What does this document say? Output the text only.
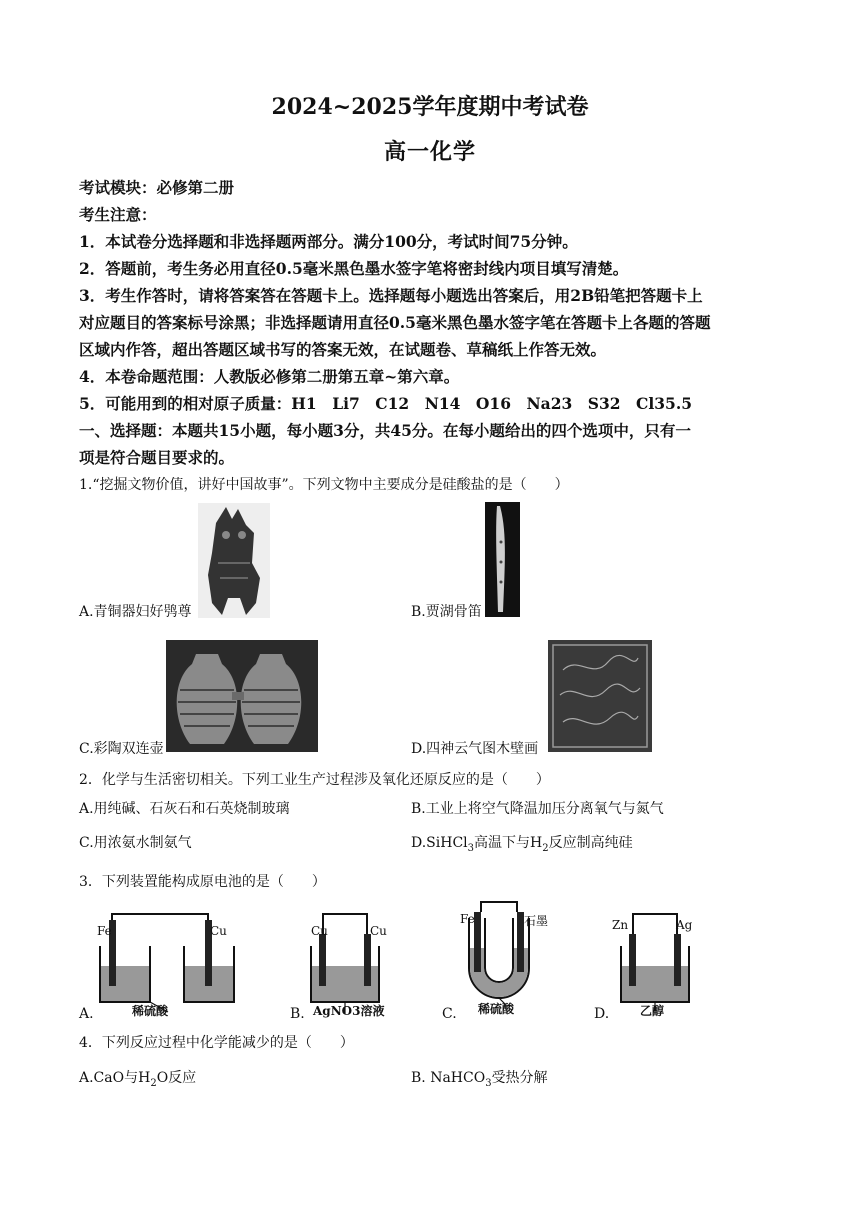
2024~2025学年度期中考试卷
高一化学
考试模块：必修第二册
考生注意：
1．本试卷分选择题和非选择题两部分。满分100分，考试时间75分钟。
2．答题前，考生务必用直径0.5毫米黑色墨水签字笔将密封线内项目填写清楚。
3．考生作答时，请将答案答在答题卡上。选择题每小题选出答案后，用2B铅笔把答题卡上
对应题目的答案标号涂黑；非选择题请用直径0.5毫米黑色墨水签字笔在答题卡上各题的答题
区域内作答，超出答题区域书写的答案无效，在试题卷、草稿纸上作答无效。
4．本卷命题范围：人教版必修第二册第五章~第六章。
5．可能用到的相对原子质量：H1　Li7　C12　N14　O16　Na23　S32　Cl35.5
一、选择题：本题共15小题，每小题3分，共45分。在每小题给出的四个选项中，只有一
项是符合题目要求的。
1.“挖掘文物价值，讲好中国故事”。下列文物中主要成分是硅酸盐的是（　　）
A.青铜器妇好鸮尊	B.贾湖骨笛
C.彩陶双连壶	D.四神云气图木壁画
2．化学与生活密切相关。下列工业生产过程涉及氧化还原反应的是（　　）
A.用纯碱、石灰石和石英烧制玻璃	B.工业上将空气降温加压分离氧气与氮气
C.用浓氨水制氨气	D.SiHCl$_3$高温下与$H_2$反应制高纯硅
3．下列装置能构成原电池的是（　　）
Fe	Cu
稀硫酸
A.
Cu	Cu
AgNO3溶液
B.
Fe	石墨
稀硫酸
C.
Zn	Ag
乙醇
D.
4．下列反应过程中化学能减少的是（　　）
A.CaO与$H_2O$反应	B. NaHCO$_3$受热分解
